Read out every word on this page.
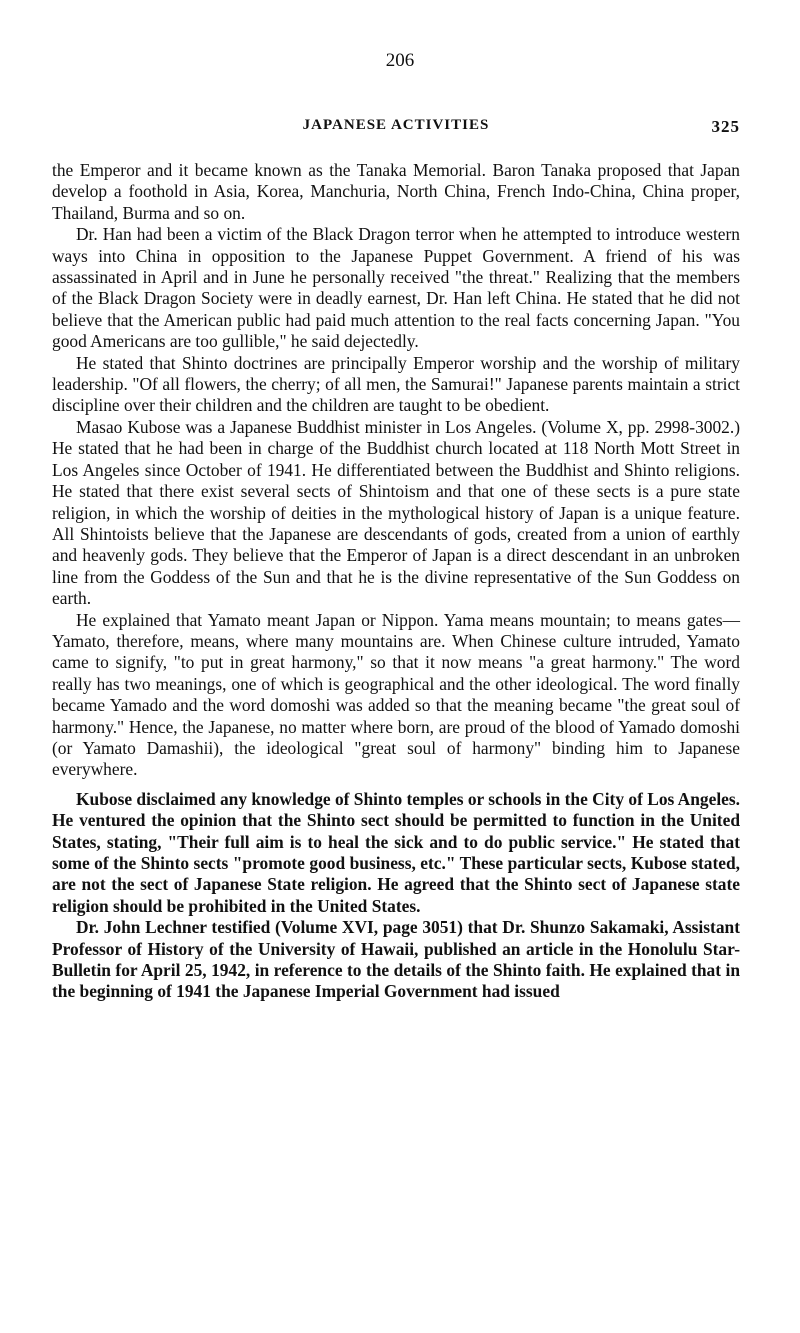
206
JAPANESE ACTIVITIES	325

the Emperor and it became known as the Tanaka Memorial. Baron Tanaka proposed that Japan develop a foothold in Asia, Korea, Manchuria, North China, French Indo-China, China proper, Thailand, Burma and so on.

Dr. Han had been a victim of the Black Dragon terror when he attempted to introduce western ways into China in opposition to the Japanese Puppet Government. A friend of his was assassinated in April and in June he personally received "the threat." Realizing that the members of the Black Dragon Society were in deadly earnest, Dr. Han left China. He stated that he did not believe that the American public had paid much attention to the real facts concerning Japan. "You good Americans are too gullible," he said dejectedly.

He stated that Shinto doctrines are principally Emperor worship and the worship of military leadership. "Of all flowers, the cherry; of all men, the Samurai!" Japanese parents maintain a strict discipline over their children and the children are taught to be obedient.

Masao Kubose was a Japanese Buddhist minister in Los Angeles. (Volume X, pp. 2998-3002.) He stated that he had been in charge of the Buddhist church located at 118 North Mott Street in Los Angeles since October of 1941. He differentiated between the Buddhist and Shinto religions. He stated that there exist several sects of Shintoism and that one of these sects is a pure state religion, in which the worship of deities in the mythological history of Japan is a unique feature. All Shintoists believe that the Japanese are descendants of gods, created from a union of earthly and heavenly gods. They believe that the Emperor of Japan is a direct descendant in an unbroken line from the Goddess of the Sun and that he is the divine representative of the Sun Goddess on earth.

He explained that Yamato meant Japan or Nippon. Yama means mountain; to means gates—Yamato, therefore, means, where many mountains are. When Chinese culture intruded, Yamato came to signify, "to put in great harmony," so that it now means "a great harmony." The word really has two meanings, one of which is geographical and the other ideological. The word finally became Yamado and the word domoshi was added so that the meaning became "the great soul of harmony." Hence, the Japanese, no matter where born, are proud of the blood of Yamado domoshi (or Yamato Damashii), the ideological "great soul of harmony" binding him to Japanese everywhere.

Kubose disclaimed any knowledge of Shinto temples or schools in the City of Los Angeles. He ventured the opinion that the Shinto sect should be permitted to function in the United States, stating, "Their full aim is to heal the sick and to do public service." He stated that some of the Shinto sects "promote good business, etc." These particular sects, Kubose stated, are not the sect of Japanese State religion. He agreed that the Shinto sect of Japanese state religion should be prohibited in the United States.

Dr. John Lechner testified (Volume XVI, page 3051) that Dr. Shunzo Sakamaki, Assistant Professor of History of the University of Hawaii, published an article in the Honolulu Star-Bulletin for April 25, 1942, in reference to the details of the Shinto faith. He explained that in the beginning of 1941 the Japanese Imperial Government had issued
